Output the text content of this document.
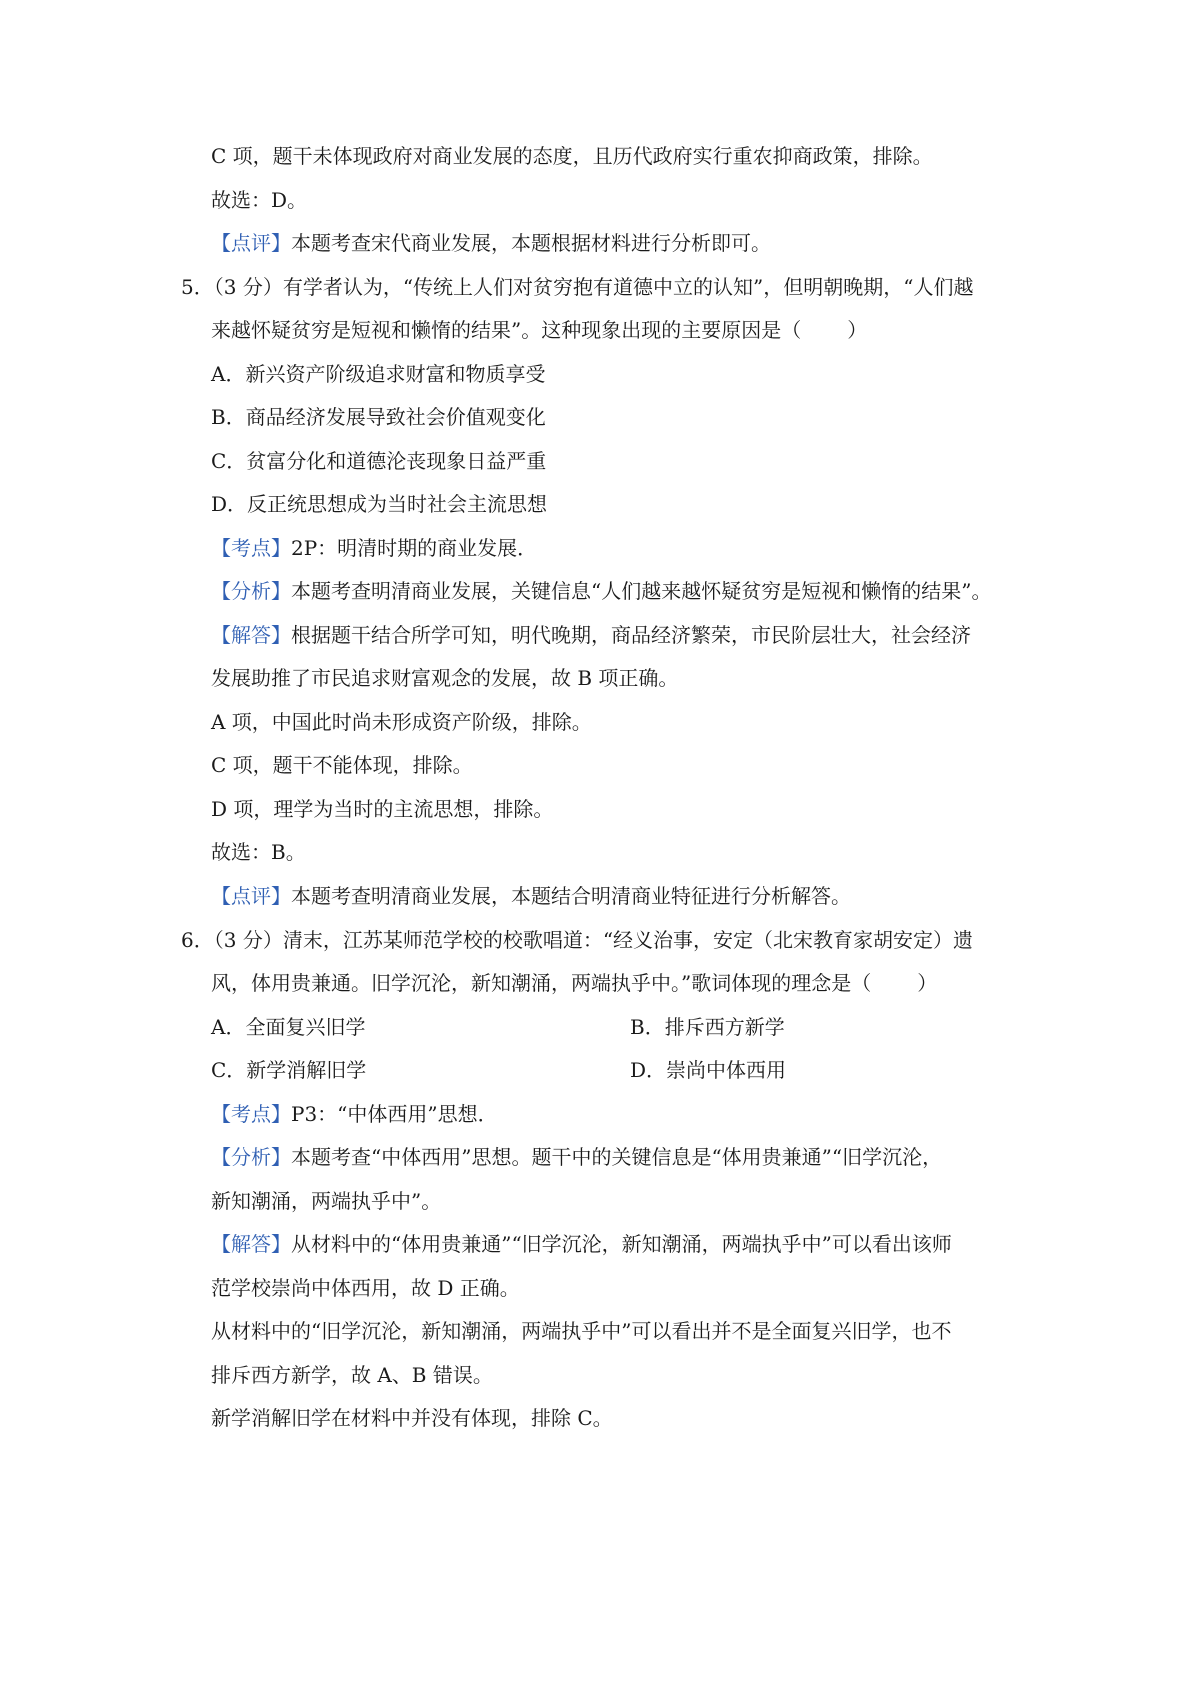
C 项，题干未体现政府对商业发展的态度，且历代政府实行重农抑商政策，排除。
故选：D。
【点评】本题考查宋代商业发展，本题根据材料进行分析即可。
5．（3 分）有学者认为，“传统上人们对贫穷抱有道德中立的认知”，但明朝晚期，“人们越
来越怀疑贫穷是短视和懒惰的结果”。这种现象出现的主要原因是（ ）
A．新兴资产阶级追求财富和物质享受
B．商品经济发展导致社会价值观变化
C．贫富分化和道德沦丧现象日益严重
D．反正统思想成为当时社会主流思想
【考点】2P：明清时期的商业发展．
【分析】本题考查明清商业发展，关键信息“人们越来越怀疑贫穷是短视和懒惰的结果”。
【解答】根据题干结合所学可知，明代晚期，商品经济繁荣，市民阶层壮大，社会经济
发展助推了市民追求财富观念的发展，故 B 项正确。
A 项，中国此时尚未形成资产阶级，排除。
C 项，题干不能体现，排除。
D 项，理学为当时的主流思想，排除。
故选：B。
【点评】本题考查明清商业发展，本题结合明清商业特征进行分析解答。
6．（3 分）清末，江苏某师范学校的校歌唱道：“经义治事，安定（北宋教育家胡安定）遗
风，体用贵兼通。旧学沉沦，新知潮涌，两端执乎中。”歌词体现的理念是（ ）
A．全面复兴旧学	B．排斥西方新学
C．新学消解旧学	D．崇尚中体西用
【考点】P3：“中体西用”思想．
【分析】本题考查“中体西用”思想。题干中的关键信息是“体用贵兼通”“旧学沉沦，
新知潮涌，两端执乎中”。
【解答】从材料中的“体用贵兼通”“旧学沉沦，新知潮涌，两端执乎中”可以看出该师
范学校崇尚中体西用，故 D 正确。
从材料中的“旧学沉沦，新知潮涌，两端执乎中”可以看出并不是全面复兴旧学，也不
排斥西方新学，故 A、B 错误。
新学消解旧学在材料中并没有体现，排除 C。
